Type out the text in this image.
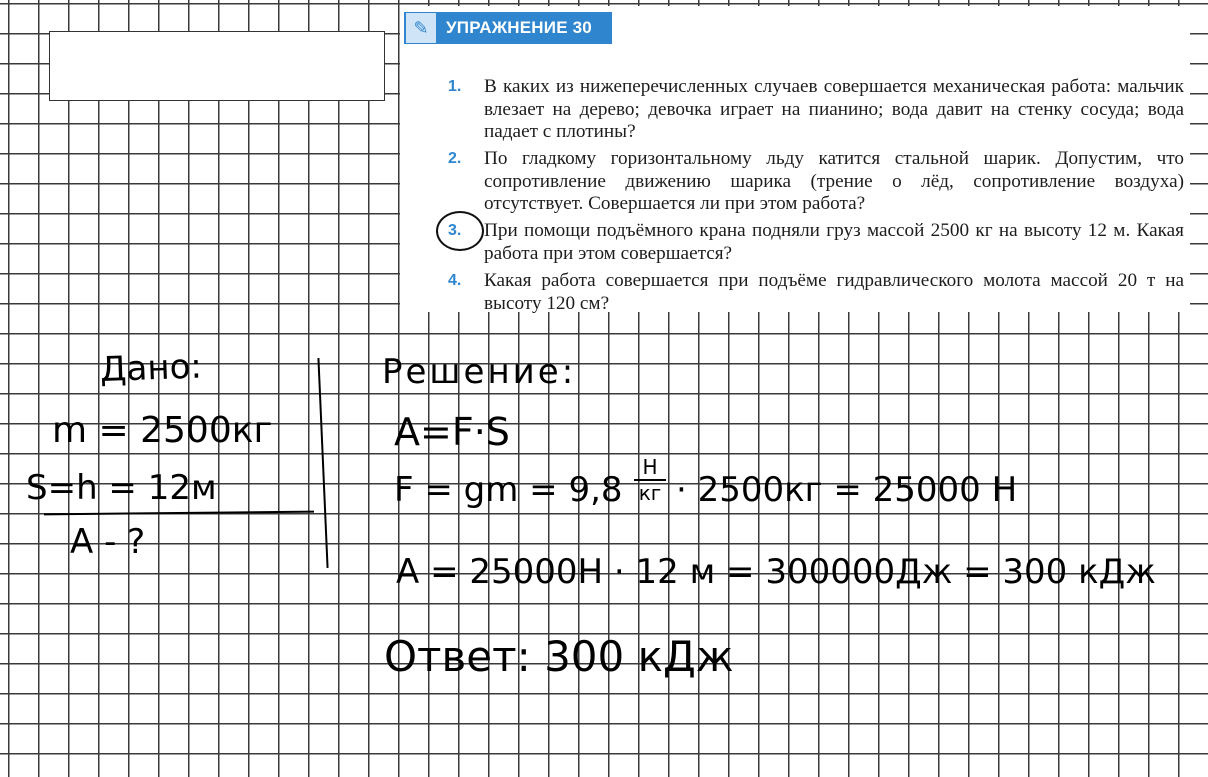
✎	УПРАЖНЕНИЕ 30
1. В каких из нижеперечисленных случаев совершается механическая работа: мальчик влезает на дерево; девочка играет на пианино; вода давит на стенку сосуда; вода падает с плотины?
2. По гладкому горизонтальному льду катится стальной шарик. Допустим, что сопротивление движению шарика (трение о лёд, сопротивление воздуха) отсутствует. Совершается ли при этом работа?
3. При помощи подъёмного крана подняли груз массой 2500 кг на высоту 12 м. Какая работа при этом совершается?
4. Какая работа совершается при подъёме гидравлического молота массой 20 т на высоту 120 см?
Дано:
m = 2500кг
S=h = 12м
А - ?
Решение:
A=F·S
F = gm = 9,8
Н
кг · 2500кг = 25000 Н
A = 25000Н · 12 м = 300000Дж = 300 кДж
Ответ: 300 кДж
